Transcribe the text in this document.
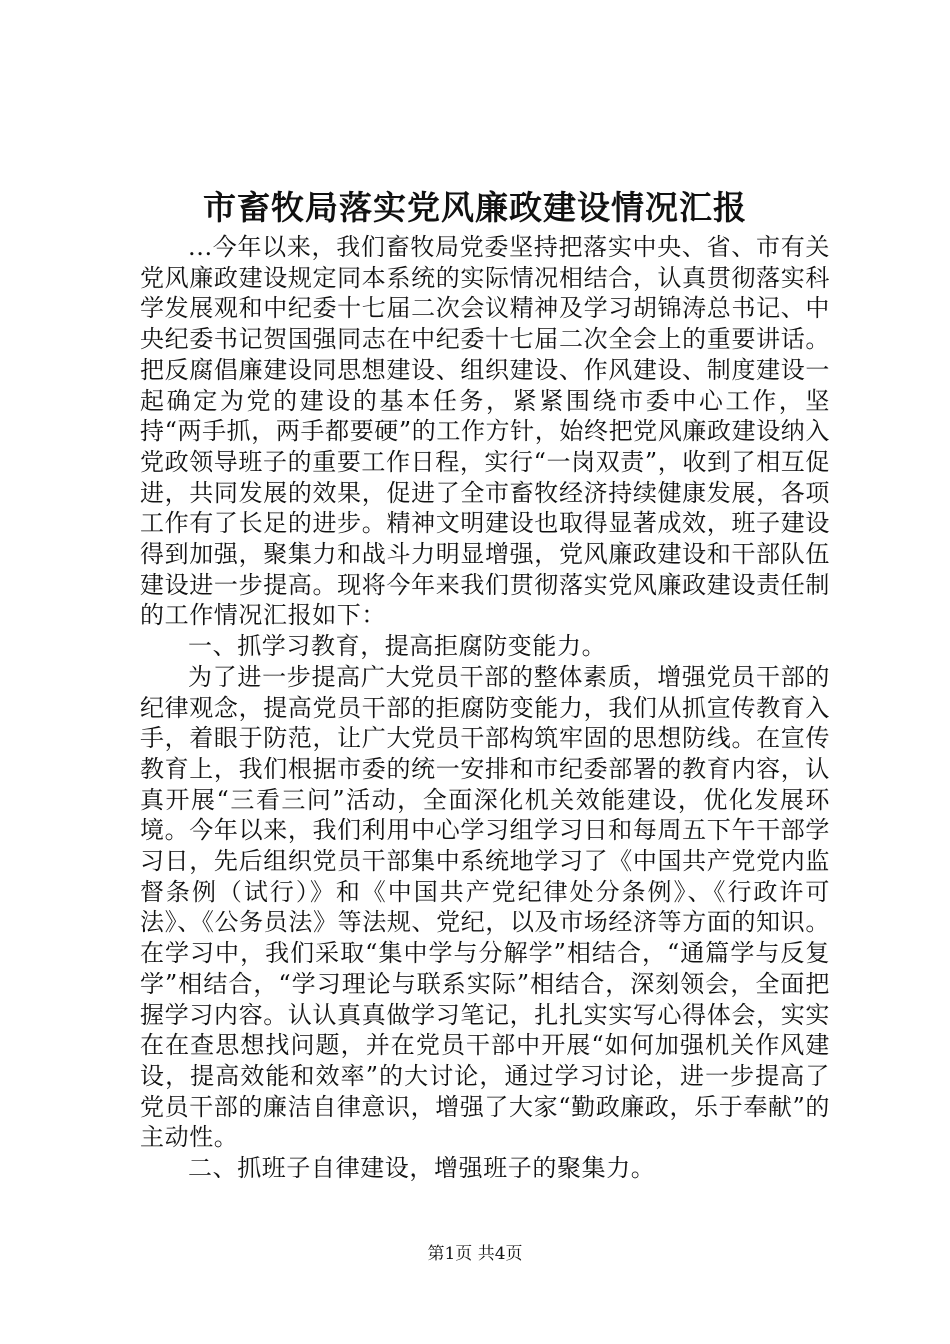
市畜牧局落实党风廉政建设情况汇报

...今年以来，我们畜牧局党委坚持把落实中央、省、市有关党风廉政建设规定同本系统的实际情况相结合，认真贯彻落实科学发展观和中纪委十七届二次会议精神及学习胡锦涛总书记、中央纪委书记贺国强同志在中纪委十七届二次全会上的重要讲话。把反腐倡廉建设同思想建设、组织建设、作风建设、制度建设一起确定为党的建设的基本任务，紧紧围绕市委中心工作，坚持“两手抓，两手都要硬”的工作方针，始终把党风廉政建设纳入党政领导班子的重要工作日程，实行“一岗双责”，收到了相互促进，共同发展的效果，促进了全市畜牧经济持续健康发展，各项工作有了长足的进步。精神文明建设也取得显著成效，班子建设得到加强，聚集力和战斗力明显增强，党风廉政建设和干部队伍建设进一步提高。现将今年来我们贯彻落实党风廉政建设责任制的工作情况汇报如下：

一、抓学习教育，提高拒腐防变能力。

为了进一步提高广大党员干部的整体素质，增强党员干部的纪律观念，提高党员干部的拒腐防变能力，我们从抓宣传教育入手，着眼于防范，让广大党员干部构筑牢固的思想防线。在宣传教育上，我们根据市委的统一安排和市纪委部署的教育内容，认真开展“三看三问”活动，全面深化机关效能建设，优化发展环境。今年以来，我们利用中心学习组学习日和每周五下午干部学习日，先后组织党员干部集中系统地学习了《中国共产党党内监督条例（试行）》和《中国共产党纪律处分条例》、《行政许可法》、《公务员法》等法规、党纪，以及市场经济等方面的知识。在学习中，我们采取“集中学与分解学”相结合，“通篇学与反复学”相结合，“学习理论与联系实际”相结合，深刻领会，全面把握学习内容。认认真真做学习笔记，扎扎实实写心得体会，实实在在查思想找问题，并在党员干部中开展“如何加强机关作风建设，提高效能和效率”的大讨论，通过学习讨论，进一步提高了党员干部的廉洁自律意识，增强了大家“勤政廉政，乐于奉献”的主动性。

二、抓班子自律建设，增强班子的聚集力。

第1页 共4页
